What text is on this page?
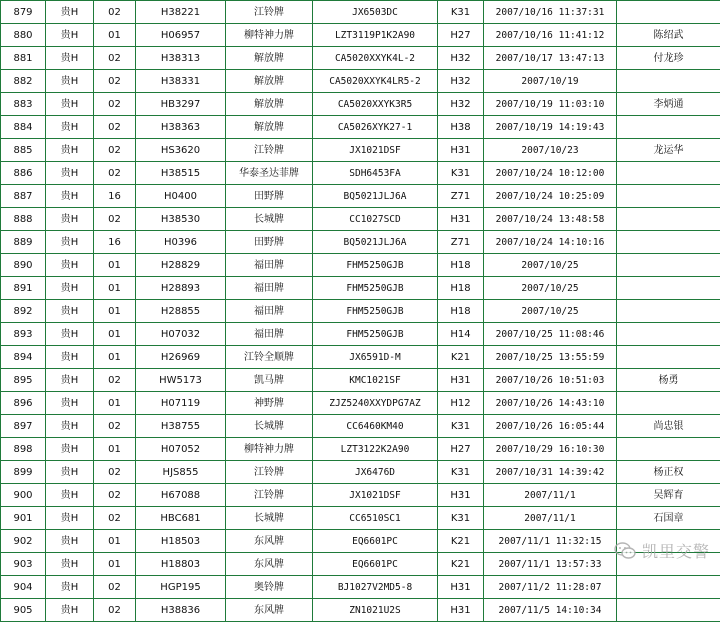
879	贵H	02	H38221	江铃牌	JX6503DC	K31	2007/10/16 11:37:31	
880	贵H	01	H06957	柳特神力牌	LZT3119P1K2A90	H27	2007/10/16 11:41:12	陈绍武
881	贵H	02	H38313	解放牌	CA5020XXYK4L-2	H32	2007/10/17 13:47:13	付龙珍
882	贵H	02	H38331	解放牌	CA5020XXYK4LR5-2	H32	2007/10/19	
883	贵H	02	HB3297	解放牌	CA5020XXYK3R5	H32	2007/10/19 11:03:10	李炳通
884	贵H	02	H38363	解放牌	CA5026XYK27-1	H38	2007/10/19 14:19:43	
885	贵H	02	HS3620	江铃牌	JX1021DSF	H31	2007/10/23	龙运华
886	贵H	02	H38515	华泰圣达菲牌	SDH6453FA	K31	2007/10/24 10:12:00	
887	贵H	16	H0400	田野牌	BQ5021JLJ6A	Z71	2007/10/24 10:25:09	
888	贵H	02	H38530	长城牌	CC1027SCD	H31	2007/10/24 13:48:58	
889	贵H	16	H0396	田野牌	BQ5021JLJ6A	Z71	2007/10/24 14:10:16	
890	贵H	01	H28829	福田牌	FHM5250GJB	H18	2007/10/25	
891	贵H	01	H28893	福田牌	FHM5250GJB	H18	2007/10/25	
892	贵H	01	H28855	福田牌	FHM5250GJB	H18	2007/10/25	
893	贵H	01	H07032	福田牌	FHM5250GJB	H14	2007/10/25 11:08:46	
894	贵H	01	H26969	江铃全顺牌	JX6591D-M	K21	2007/10/25 13:55:59	
895	贵H	02	HW5173	凯马牌	KMC1021SF	H31	2007/10/26 10:51:03	杨勇
896	贵H	01	H07119	神野牌	ZJZ5240XXYDPG7AZ	H12	2007/10/26 14:43:10	
897	贵H	02	H38755	长城牌	CC6460KM40	K31	2007/10/26 16:05:44	尚忠银
898	贵H	01	H07052	柳特神力牌	LZT3122K2A90	H27	2007/10/29 16:10:30	
899	贵H	02	HJS855	江铃牌	JX6476D	K31	2007/10/31 14:39:42	杨正权
900	贵H	02	H67088	江铃牌	JX1021DSF	H31	2007/11/1	吴辉育
901	贵H	02	HBC681	长城牌	CC6510SC1	K31	2007/11/1	石国章
902	贵H	01	H18503	东风牌	EQ6601PC	K21	2007/11/1 11:32:15	
903	贵H	01	H18803	东风牌	EQ6601PC	K21	2007/11/1 13:57:33	
904	贵H	02	HGP195	奥铃牌	BJ1027V2MD5-8	H31	2007/11/2 11:28:07	
905	贵H	02	H38836	东风牌	ZN1021U2S	H31	2007/11/5 14:10:34	
凯里交警
